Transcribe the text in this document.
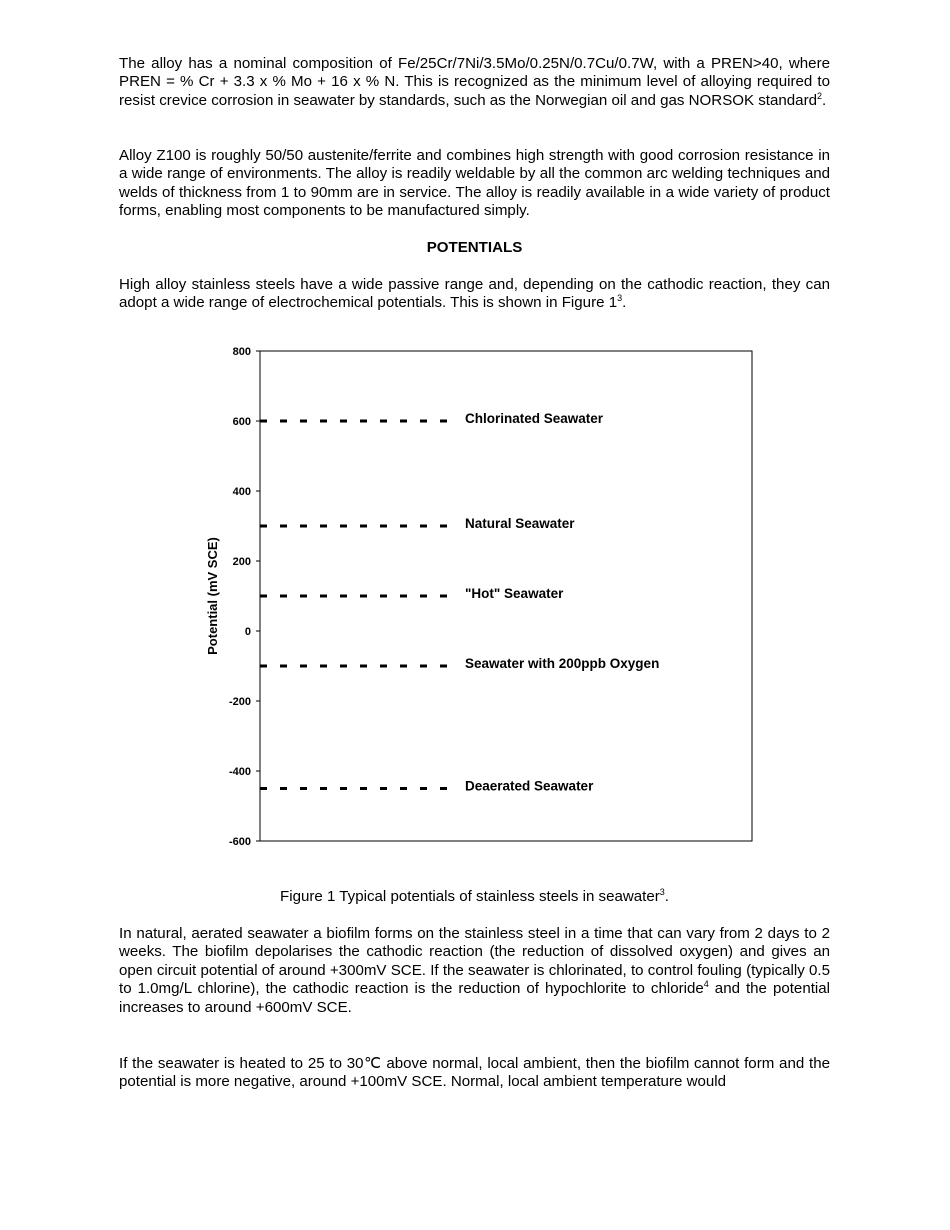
The alloy has a nominal composition of Fe/25Cr/7Ni/3.5Mo/0.25N/0.7Cu/0.7W, with a PREN>40, where PREN = % Cr + 3.3 x % Mo + 16 x % N. This is recognized as the minimum level of alloying required to resist crevice corrosion in seawater by standards, such as the Norwegian oil and gas NORSOK standard$^2$.

Alloy Z100 is roughly 50/50 austenite/ferrite and combines high strength with good corrosion resistance in a wide range of environments. The alloy is readily weldable by all the common arc welding techniques and welds of thickness from 1 to 90mm are in service. The alloy is readily available in a wide variety of product forms, enabling most components to be manufactured simply.

POTENTIALS

High alloy stainless steels have a wide passive range and, depending on the cathodic reaction, they can adopt a wide range of electrochemical potentials. This is shown in Figure $1^3$.

800
600
400
200
0
-200
-400
-600
Chlorinated Seawater
Natural Seawater
"Hot" Seawater
Seawater with 200ppb Oxygen
Deaerated Seawater
Potential (mV SCE)

Figure 1 Typical potentials of stainless steels in seawater$^3$.

In natural, aerated seawater a biofilm forms on the stainless steel in a time that can vary from 2 days to 2 weeks. The biofilm depolarises the cathodic reaction (the reduction of dissolved oxygen) and gives an open circuit potential of around +300mV SCE. If the seawater is chlorinated, to control fouling (typically 0.5 to 1.0mg/L chlorine), the cathodic reaction is the reduction of hypochlorite to chloride$^4$ and the potential increases to around +600mV SCE.

If the seawater is heated to 25 to 30℃ above normal, local ambient, then the biofilm cannot form and the potential is more negative, around +100mV SCE. Normal, local ambient temperature would
